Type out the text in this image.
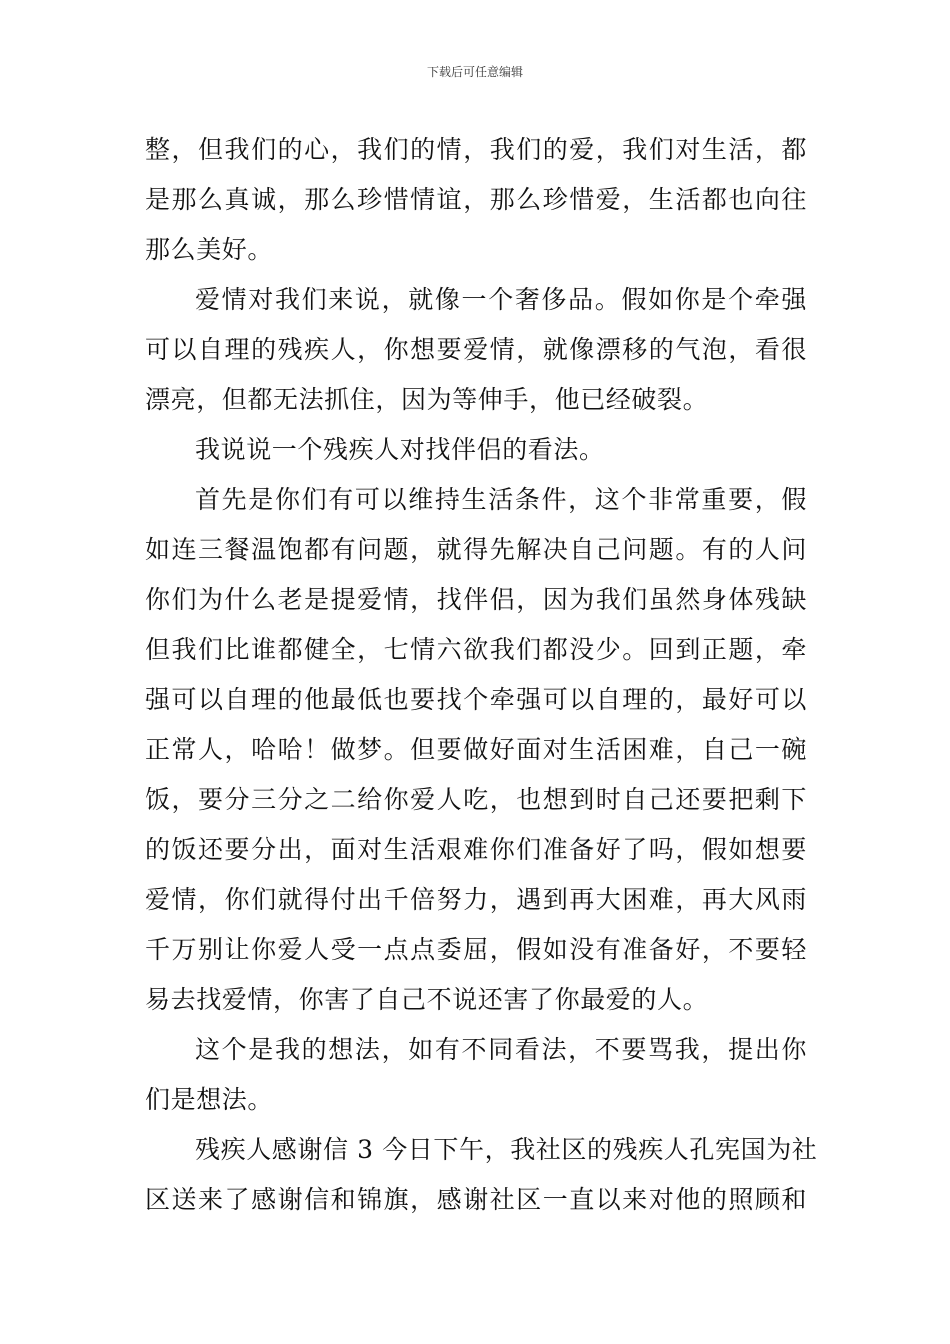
下载后可任意编辑

整，但我们的心，我们的情，我们的爱，我们对生活，都
是那么真诚，那么珍惜情谊，那么珍惜爱，生活都也向往
那么美好。

爱情对我们来说，就像一个奢侈品。假如你是个牵强
可以自理的残疾人，你想要爱情，就像漂移的气泡，看很
漂亮，但都无法抓住，因为等伸手，他已经破裂。

我说说一个残疾人对找伴侣的看法。

首先是你们有可以维持生活条件，这个非常重要，假
如连三餐温饱都有问题，就得先解决自己问题。有的人问
你们为什么老是提爱情，找伴侣，因为我们虽然身体残缺
但我们比谁都健全，七情六欲我们都没少。回到正题，牵
强可以自理的他最低也要找个牵强可以自理的，最好可以
正常人，哈哈！做梦。但要做好面对生活困难，自己一碗
饭，要分三分之二给你爱人吃，也想到时自己还要把剩下
的饭还要分出，面对生活艰难你们准备好了吗，假如想要
爱情，你们就得付出千倍努力，遇到再大困难，再大风雨
千万别让你爱人受一点点委屈，假如没有准备好，不要轻
易去找爱情，你害了自己不说还害了你最爱的人。

这个是我的想法，如有不同看法，不要骂我，提出你
们是想法。

残疾人感谢信 3 今日下午，我社区的残疾人孔宪国为社
区送来了感谢信和锦旗，感谢社区一直以来对他的照顾和
